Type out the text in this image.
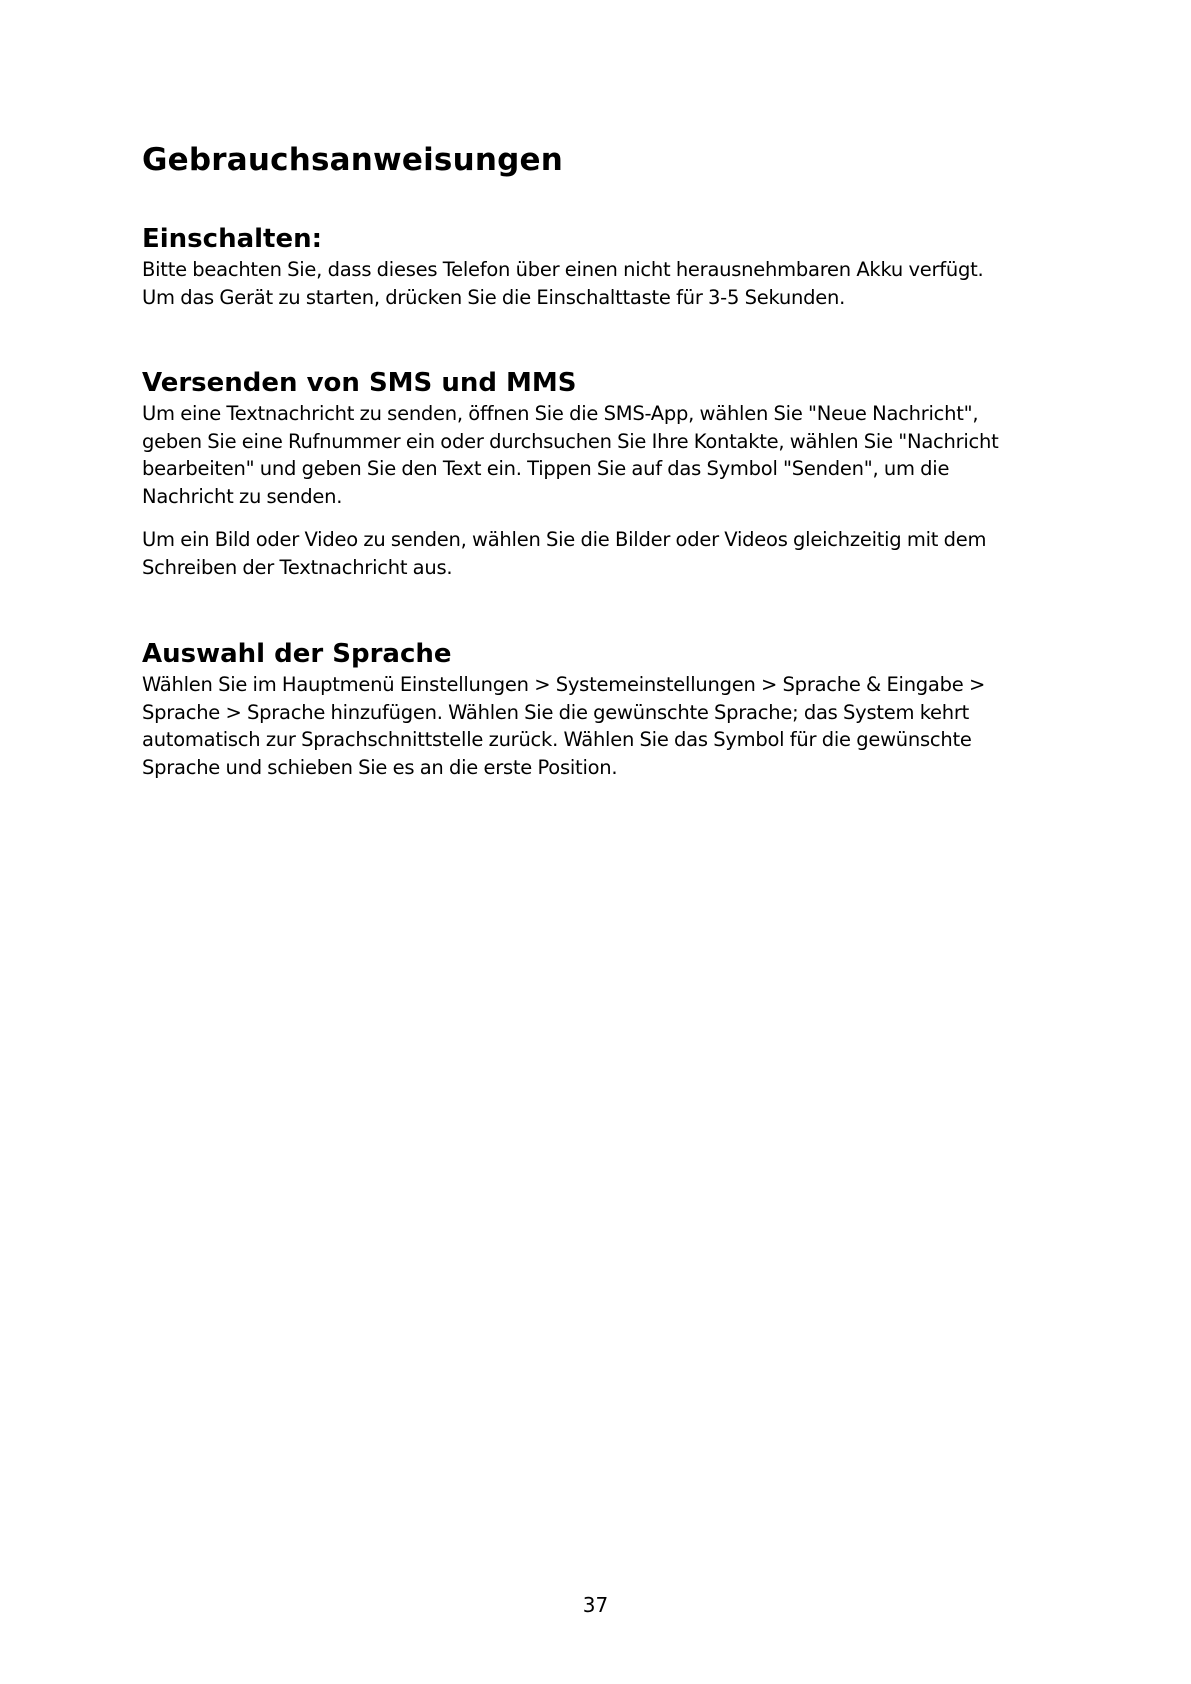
Gebrauchsanweisungen
Einschalten:

Bitte beachten Sie, dass dieses Telefon über einen nicht herausnehmbaren Akku verfügt.
Um das Gerät zu starten, drücken Sie die Einschalttaste für 3-5 Sekunden.

Versenden von SMS und MMS

Um eine Textnachricht zu senden, öffnen Sie die SMS-App, wählen Sie "Neue Nachricht",
geben Sie eine Rufnummer ein oder durchsuchen Sie Ihre Kontakte, wählen Sie "Nachricht
bearbeiten" und geben Sie den Text ein. Tippen Sie auf das Symbol "Senden", um die
Nachricht zu senden.

Um ein Bild oder Video zu senden, wählen Sie die Bilder oder Videos gleichzeitig mit dem
Schreiben der Textnachricht aus.

Auswahl der Sprache

Wählen Sie im Hauptmenü Einstellungen > Systemeinstellungen > Sprache & Eingabe >
Sprache > Sprache hinzufügen. Wählen Sie die gewünschte Sprache; das System kehrt
automatisch zur Sprachschnittstelle zurück. Wählen Sie das Symbol für die gewünschte
Sprache und schieben Sie es an die erste Position.

37
